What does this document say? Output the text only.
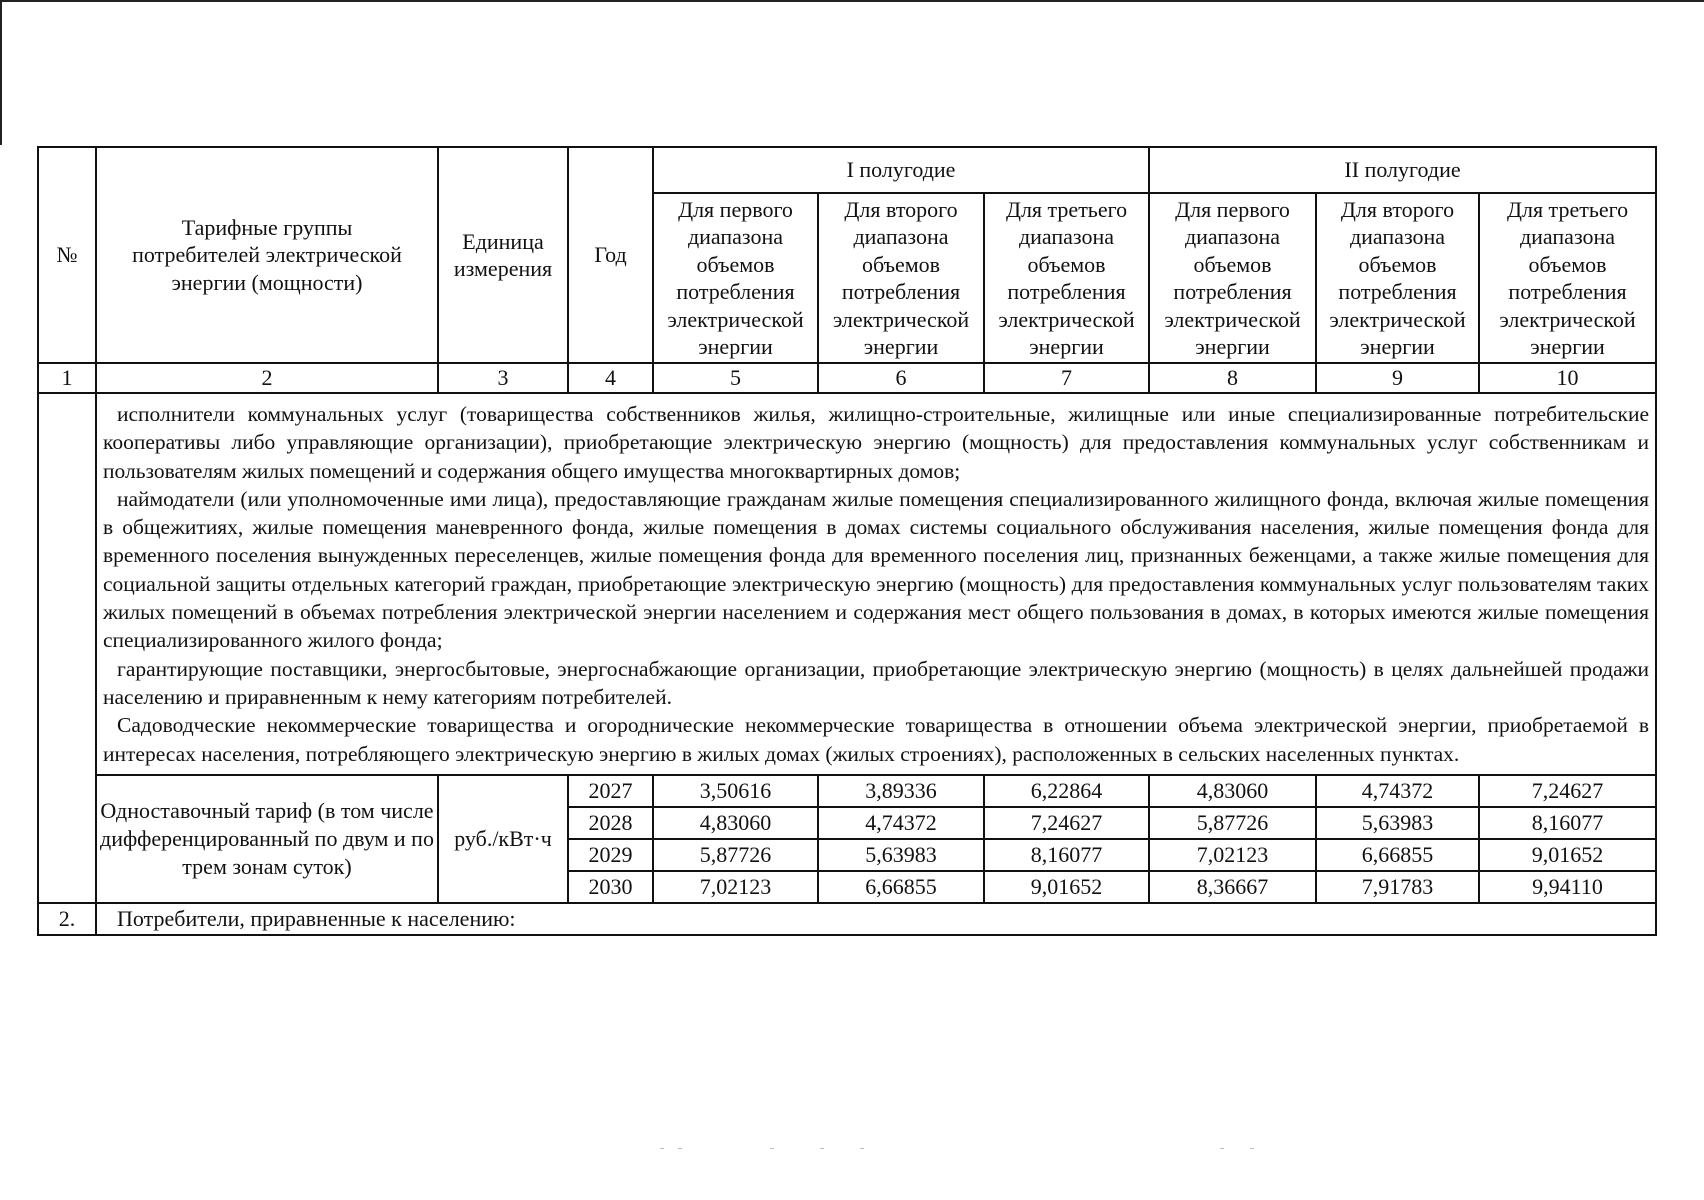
№	Тарифные группы потребителей электрической энергии (мощности)	Единица измерения	Год	I полугодие			II полугодие		
				Для первого диапазона объемов потребления электрической энергии	Для второго диапазона объемов потребления электрической энергии	Для третьего диапазона объемов потребления электрической энергии	Для первого диапазона объемов потребления электрической энергии	Для второго диапазона объемов потребления электрической энергии	Для третьего диапазона объемов потребления электрической энергии
1	2	3	4	5	6	7	8	9	10

	исполнители коммунальных услуг (товарищества собственников жилья, жилищно-строительные, жилищные или иные специализированные потребительские кооперативы либо управляющие организации), приобретающие электрическую энергию (мощность) для предоставления коммунальных услуг собственникам и пользователям жилых помещений и содержания общего имущества многоквартирных домов;

наймодатели (или уполномоченные ими лица), предоставляющие гражданам жилые помещения специализированного жилищного фонда, включая жилые помещения в общежитиях, жилые помещения маневренного фонда, жилые помещения в домах системы социального обслуживания населения, жилые помещения фонда для временного поселения вынужденных переселенцев, жилые помещения фонда для временного поселения лиц, признанных беженцами, а также жилые помещения для социальной защиты отдельных категорий граждан, приобретающие электрическую энергию (мощность) для предоставления коммунальных услуг пользователям таких жилых помещений в объемах потребления электрической энергии населением и содержания мест общего пользования в домах, в которых имеются жилые помещения специализированного жилого фонда;

гарантирующие поставщики, энергосбытовые, энергоснабжающие организации, приобретающие электрическую энергию (мощность) в целях дальнейшей продажи населению и приравненным к нему категориям потребителей.

Садоводческие некоммерческие товарищества и огороднические некоммерческие товарищества в отношении объема электрической энергии, приобретаемой в интересах населения, потребляющего электрическую энергию в жилых домах (жилых строениях), расположенных в сельских населенных пунктах.								

	Одноставочный тариф (в том числе дифференцированный по двум и по трем зонам суток)	руб./кВт·ч	2027	3,50616	3,89336	6,22864	4,83060	4,74372	7,24627
			2028	4,83060	4,74372	7,24627	5,87726	5,63983	8,16077
			2029	5,87726	5,63983	8,16077	7,02123	6,66855	9,01652
			2030	7,02123	6,66855	9,01652	8,36667	7,91783	9,94110
2.	Потребители, приравненные к населению:								
